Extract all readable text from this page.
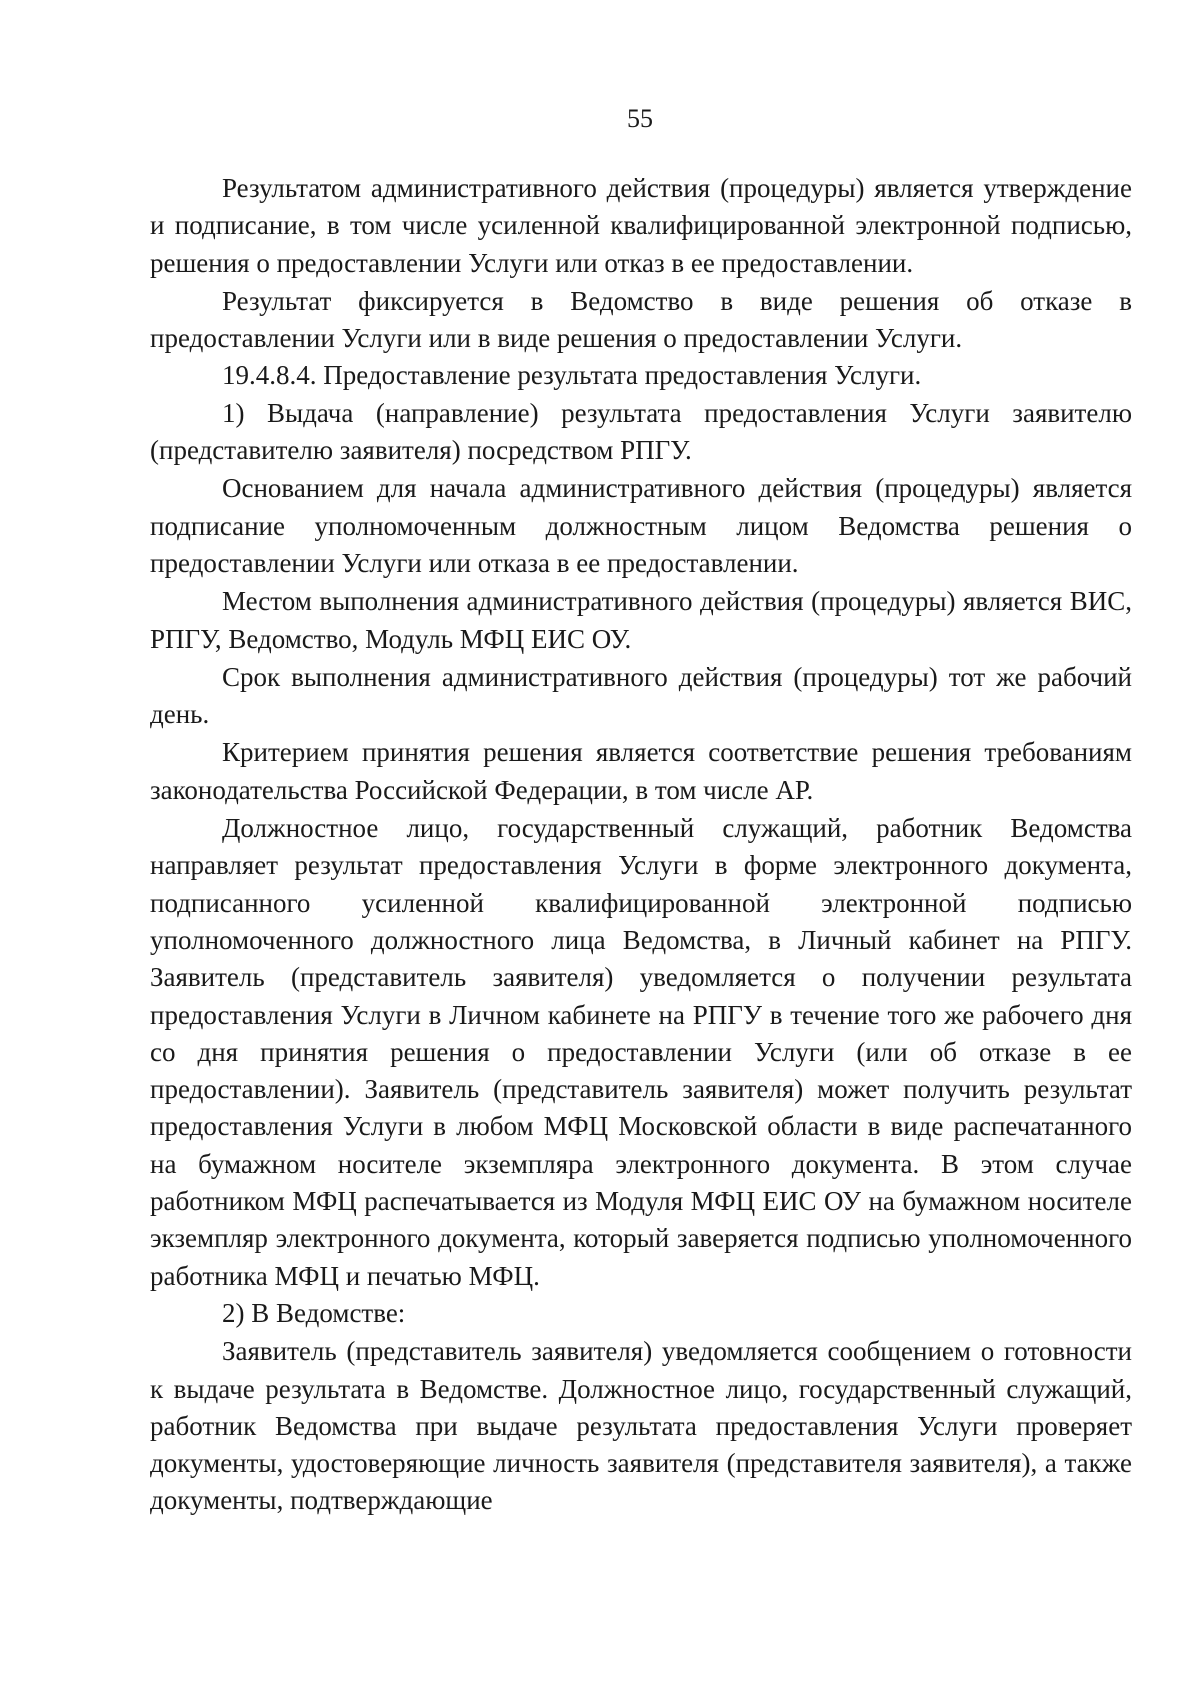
55

Результатом административного действия (процедуры) является утверждение и подписание, в том числе усиленной квалифицированной электронной подписью, решения о предоставлении Услуги или отказ в ее предоставлении.

Результат фиксируется в Ведомство в виде решения об отказе в предоставлении Услуги или в виде решения о предоставлении Услуги.

19.4.8.4. Предоставление результата предоставления Услуги.

1) Выдача (направление) результата предоставления Услуги заявителю (представителю заявителя) посредством РПГУ.

Основанием для начала административного действия (процедуры) является подписание уполномоченным должностным лицом Ведомства решения о предоставлении Услуги или отказа в ее предоставлении.

Местом выполнения административного действия (процедуры) является ВИС, РПГУ, Ведомство, Модуль МФЦ ЕИС ОУ.

Срок выполнения административного действия (процедуры) тот же рабочий день.

Критерием принятия решения является соответствие решения требованиям законодательства Российской Федерации, в том числе АР.

Должностное лицо, государственный служащий, работник Ведомства направляет результат предоставления Услуги в форме электронного документа, подписанного усиленной квалифицированной электронной подписью уполномоченного должностного лица Ведомства, в Личный кабинет на РПГУ. Заявитель (представитель заявителя) уведомляется о получении результата предоставления Услуги в Личном кабинете на РПГУ в течение того же рабочего дня со дня принятия решения о предоставлении Услуги (или об отказе в ее предоставлении). Заявитель (представитель заявителя) может получить результат предоставления Услуги в любом МФЦ Московской области в виде распечатанного на бумажном носителе экземпляра электронного документа. В этом случае работником МФЦ распечатывается из Модуля МФЦ ЕИС ОУ на бумажном носителе экземпляр электронного документа, который заверяется подписью уполномоченного работника МФЦ и печатью МФЦ.

2) В Ведомстве:

Заявитель (представитель заявителя) уведомляется сообщением о готовности к выдаче результата в Ведомстве. Должностное лицо, государственный служащий, работник Ведомства при выдаче результата предоставления Услуги проверяет документы, удостоверяющие личность заявителя (представителя заявителя), а также документы, подтверждающие
